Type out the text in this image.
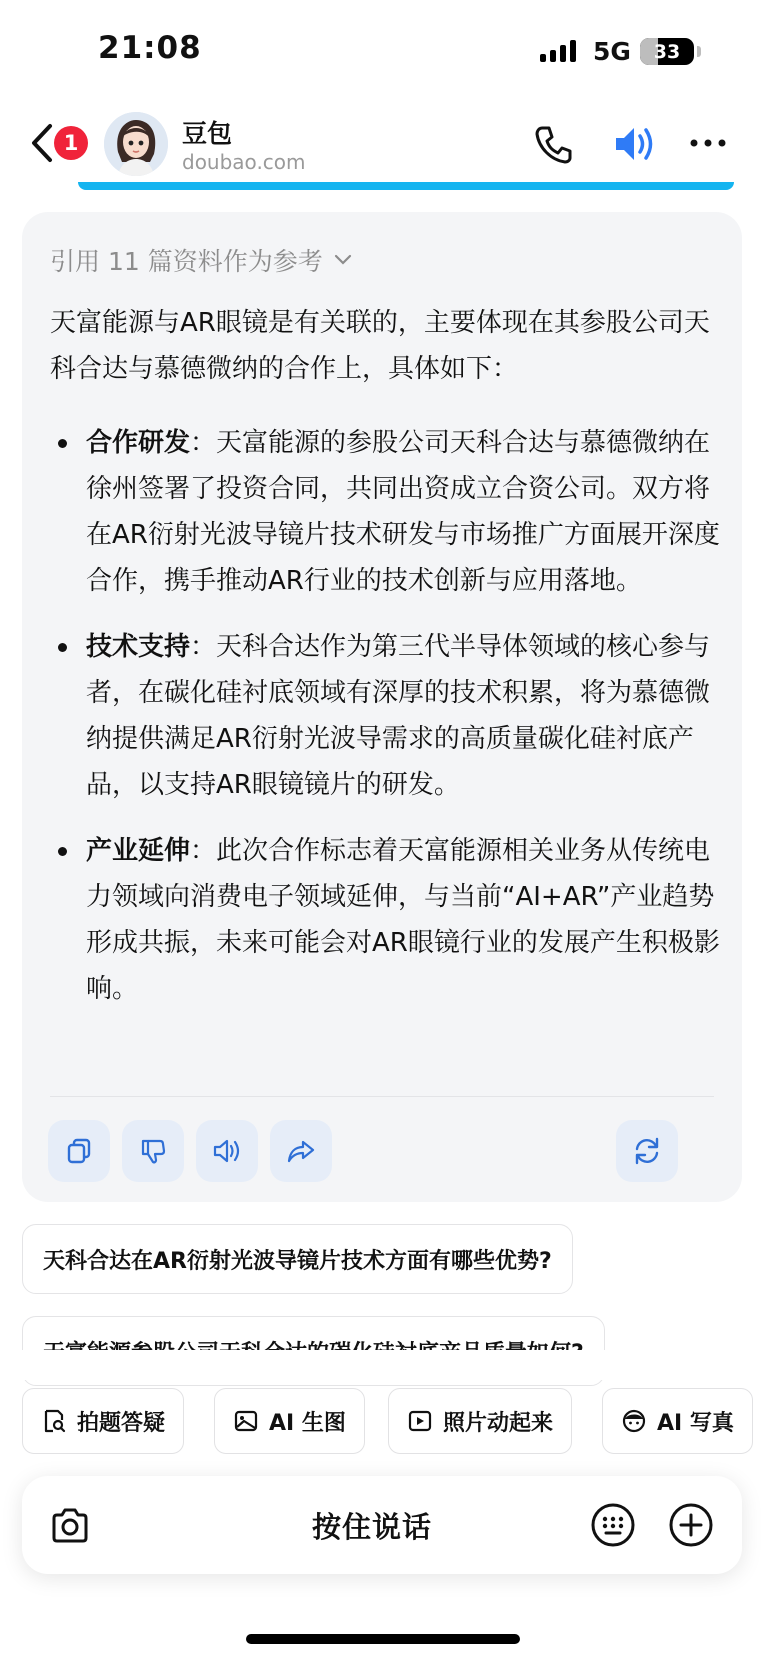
21:08	5G	33
1	豆包
doubao.com
引用 11 篇资料作为参考
天富能源与AR眼镜是有关联的，主要体现在其参股公司天科合达与慕德微纳的合作上，具体如下：
合作研发：天富能源的参股公司天科合达与慕德微纳在徐州签署了投资合同，共同出资成立合资公司。双方将在AR衍射光波导镜片技术研发与市场推广方面展开深度合作，携手推动AR行业的技术创新与应用落地。
技术支持：天科合达作为第三代半导体领域的核心参与者，在碳化硅衬底领域有深厚的技术积累，将为慕德微纳提供满足AR衍射光波导需求的高质量碳化硅衬底产品，以支持AR眼镜镜片的研发。
产业延伸：此次合作标志着天富能源相关业务从传统电力领域向消费电子领域延伸，与当前“AI+AR”产业趋势形成共振，未来可能会对AR眼镜行业的发展产生积极影响。
天科合达在AR衍射光波导镜片技术方面有哪些优势?
拍题答疑	AI 生图	照片动起来	AI 写真
按住说话
